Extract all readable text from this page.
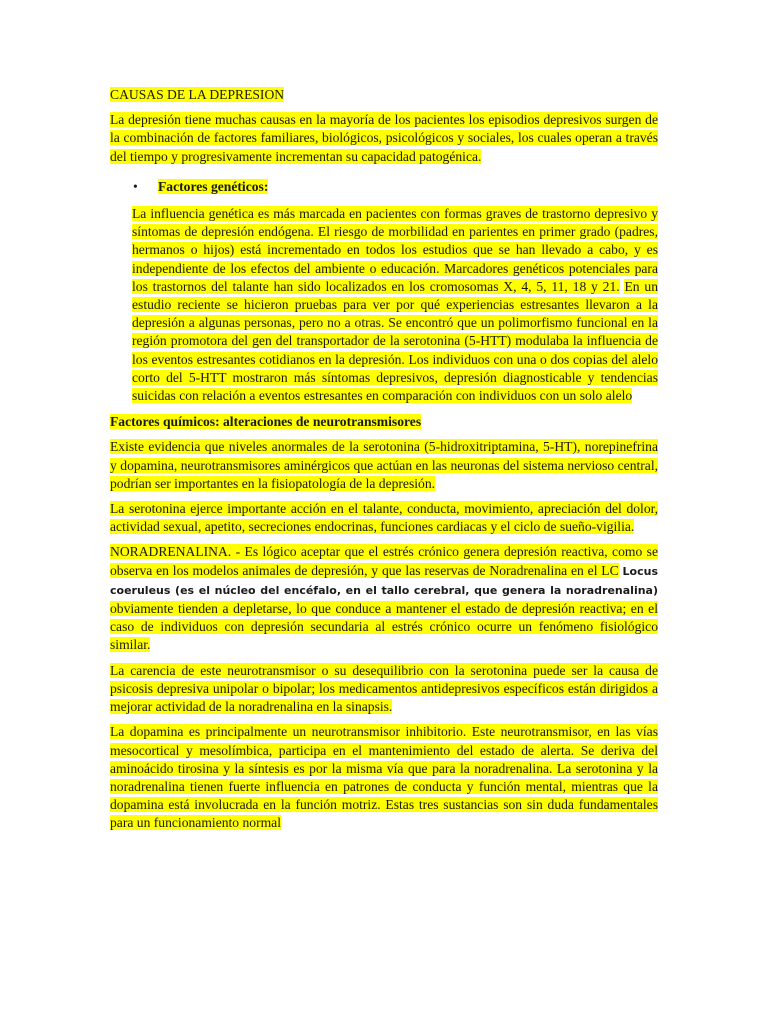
CAUSAS DE LA DEPRESION

La depresión tiene muchas causas en la mayoría de los pacientes los episodios depresivos surgen de la combinación de factores familiares, biológicos, psicológicos y sociales, los cuales operan a través del tiempo y progresivamente incrementan su capacidad patogénica.

• Factores genéticos:

La influencia genética es más marcada en pacientes con formas graves de trastorno depresivo y síntomas de depresión endógena. El riesgo de morbilidad en parientes en primer grado (padres, hermanos o hijos) está incrementado en todos los estudios que se han llevado a cabo, y es independiente de los efectos del ambiente o educación. Marcadores genéticos potenciales para los trastornos del talante han sido localizados en los cromosomas X, 4, 5, 11, 18 y 21. En un estudio reciente se hicieron pruebas para ver por qué experiencias estresantes llevaron a la depresión a algunas personas, pero no a otras. Se encontró que un polimorfismo funcional en la región promotora del gen del transportador de la serotonina (5-HTT) modulaba la influencia de los eventos estresantes cotidianos en la depresión. Los individuos con una o dos copias del alelo corto del 5-HTT mostraron más síntomas depresivos, depresión diagnosticable y tendencias suicidas con relación a eventos estresantes en comparación con individuos con un solo alelo

Factores químicos: alteraciones de neurotransmisores

Existe evidencia que niveles anormales de la serotonina (5-hidroxitriptamina, 5-HT), norepinefrina y dopamina, neurotransmisores aminérgicos que actúan en las neuronas del sistema nervioso central, podrían ser importantes en la fisiopatología de la depresión.

La serotonina ejerce importante acción en el talante, conducta, movimiento, apreciación del dolor, actividad sexual, apetito, secreciones endocrinas, funciones cardiacas y el ciclo de sueño-vigilia.

NORADRENALINA. - Es lógico aceptar que el estrés crónico genera depresión reactiva, como se observa en los modelos animales de depresión, y que las reservas de Noradrenalina en el LC Locus coeruleus (es el núcleo del encéfalo, en el tallo cerebral, que genera la noradrenalina) obviamente tienden a depletarse, lo que conduce a mantener el estado de depresión reactiva; en el caso de individuos con depresión secundaria al estrés crónico ocurre un fenómeno fisiológico similar.

La carencia de este neurotransmisor o su desequilibrio con la serotonina puede ser la causa de psicosis depresiva unipolar o bipolar; los medicamentos antidepresivos específicos están dirigidos a mejorar actividad de la noradrenalina en la sinapsis.

La dopamina es principalmente un neurotransmisor inhibitorio. Este neurotransmisor, en las vías mesocortical y mesolímbica, participa en el mantenimiento del estado de alerta. Se deriva del aminoácido tirosina y la síntesis es por la misma vía que para la noradrenalina. La serotonina y la noradrenalina tienen fuerte influencia en patrones de conducta y función mental, mientras que la dopamina está involucrada en la función motriz. Estas tres sustancias son sin duda fundamentales para un funcionamiento normal
